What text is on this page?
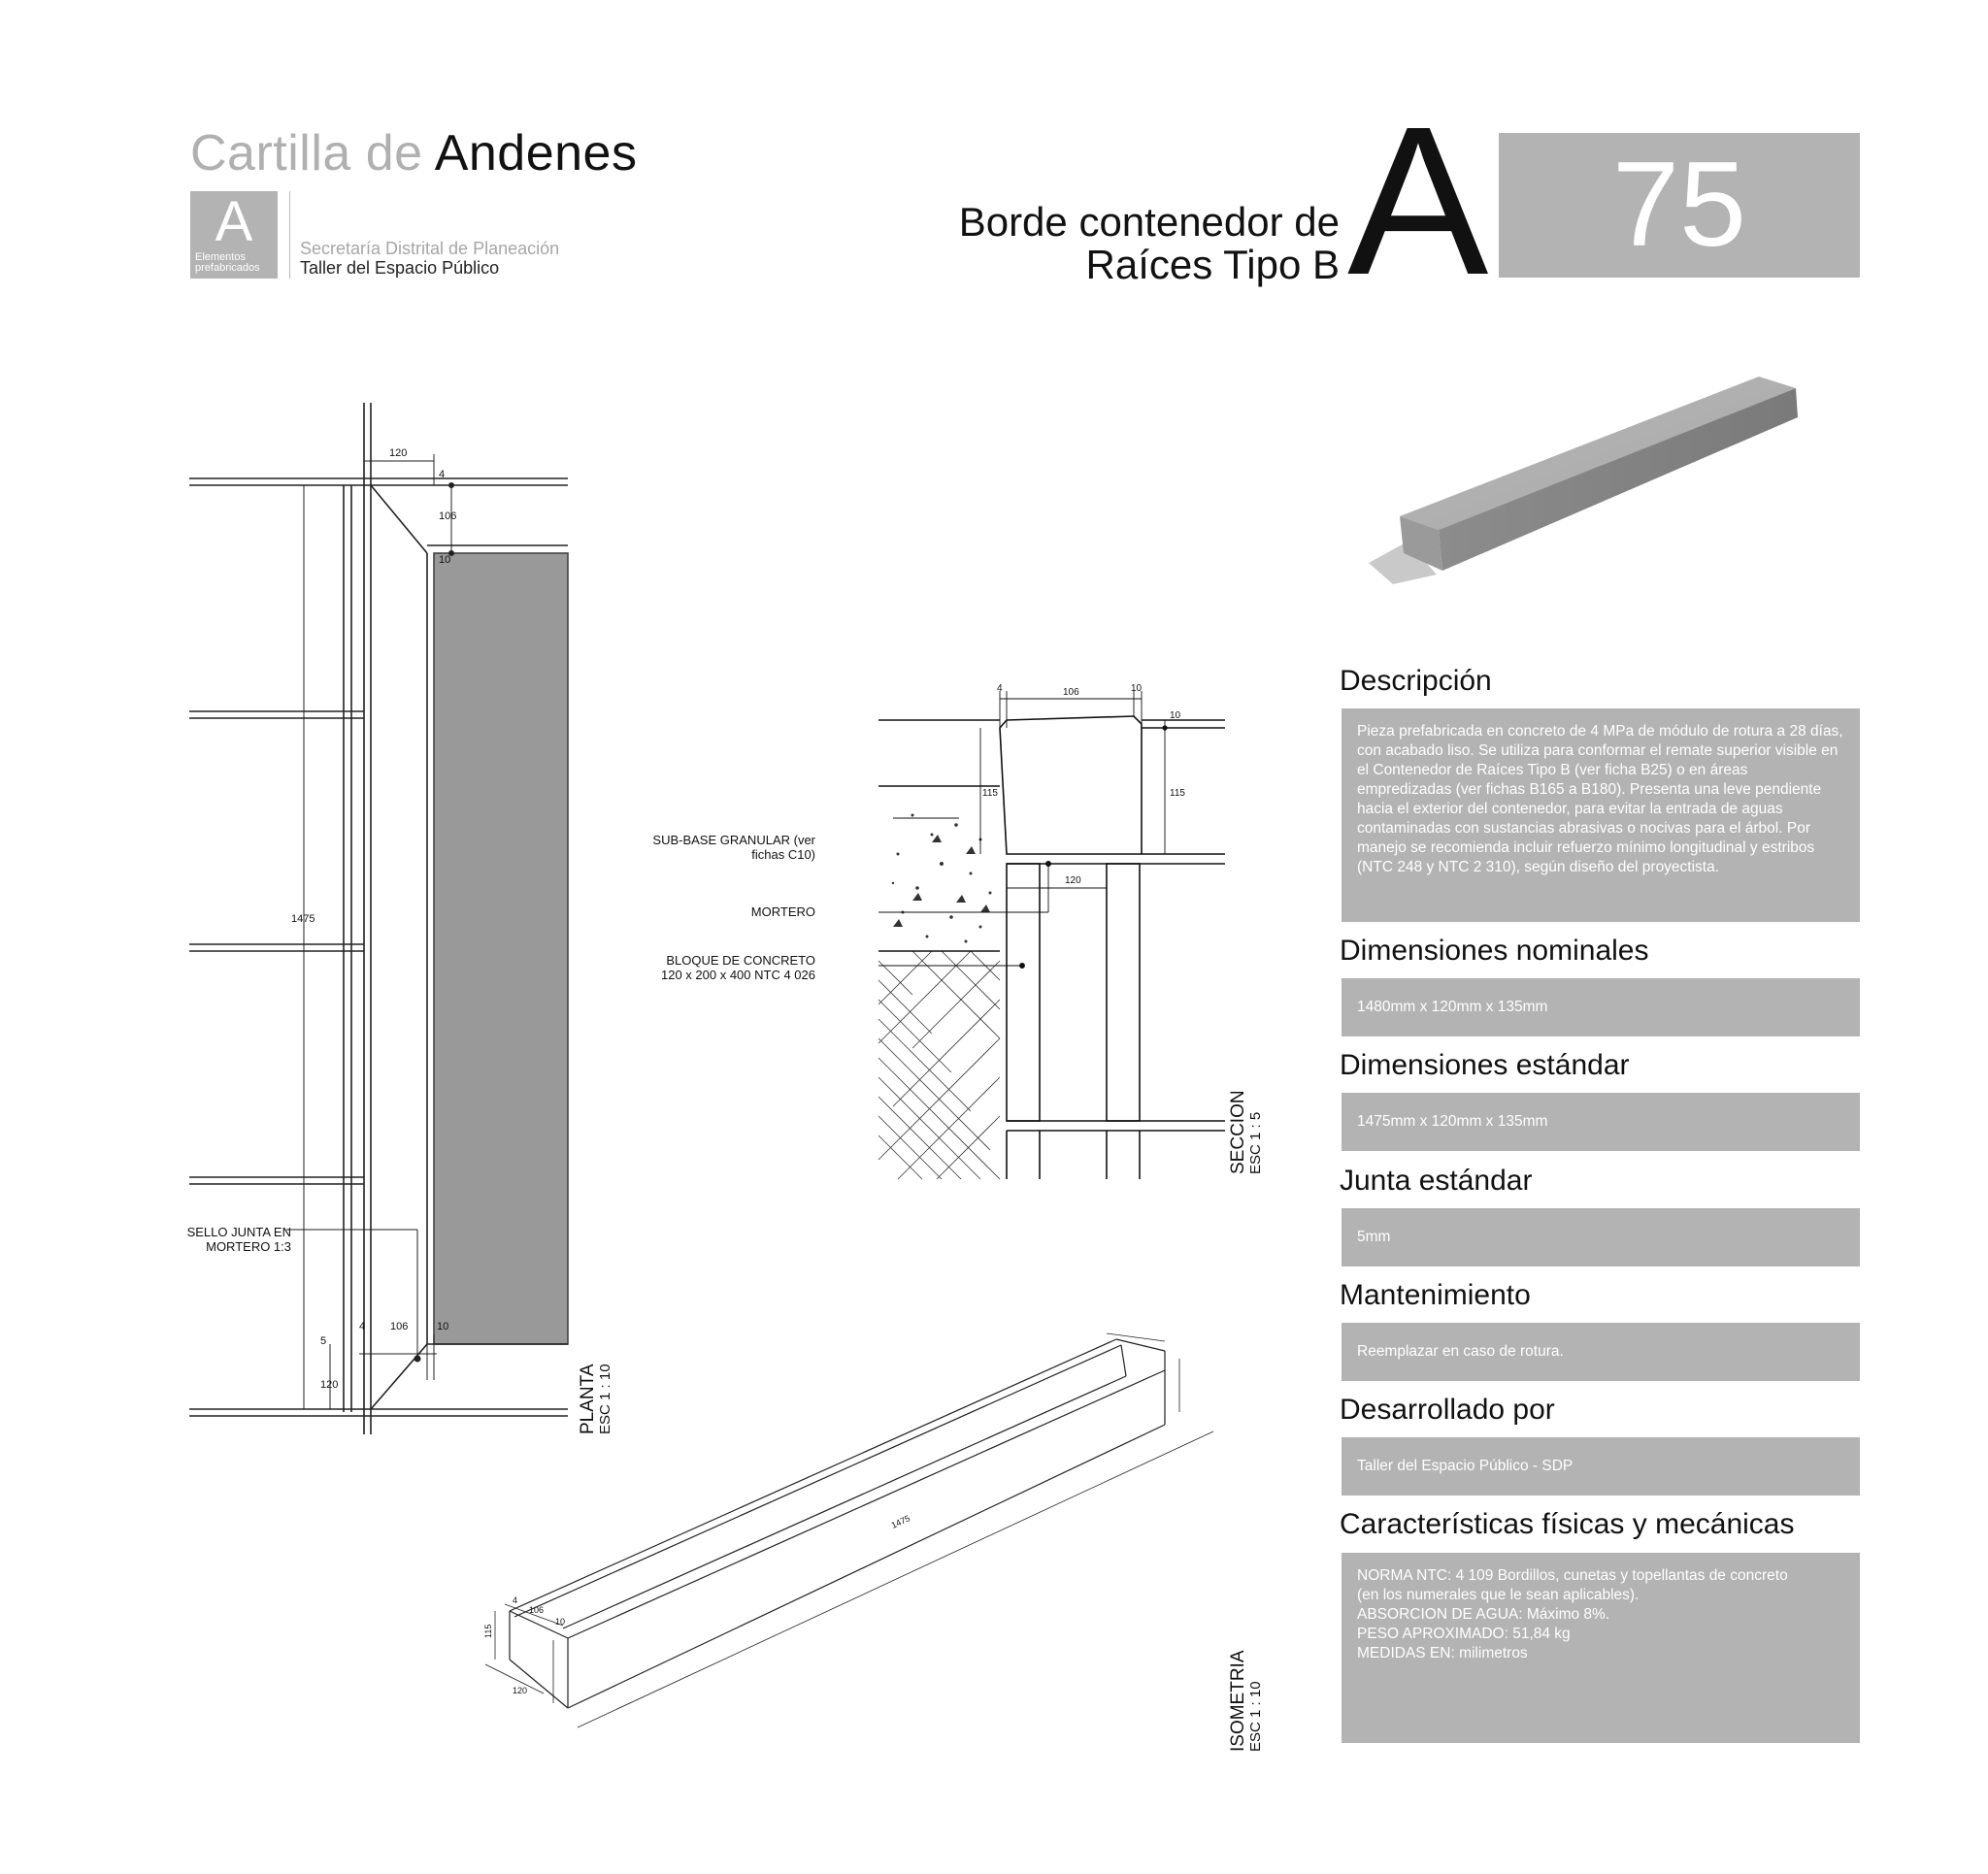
Cartilla de Andenes
A
Elementos
prefabricados
Secretaría Distrital de Planeación
Taller del Espacio Público
Borde contenedor de
Raíces Tipo B A	75
120
4
106
10
1475
4 106	10
5
120
SELLO JUNTA EN
MORTERO 1:3
PLANTA ESC 1 : 10
4	106	10
10
115
115
120
SUB-BASE GRANULAR (ver
fichas C10)
MORTERO
BLOQUE DE CONCRETO
120 x 200 x 400 NTC 4 026
SECCION ESC 1 : 5
1475
106
10
115
120
4
ISOMETRIA ESC 1 : 10
Descripción
Pieza prefabricada en concreto de 4 MPa de módulo de rotura a 28 días, con acabado liso. Se utiliza para conformar el remate superior visible en el Contenedor de Raíces Tipo B (ver ficha B25) o en áreas empredizadas (ver fichas B165 a B180). Presenta una leve pendiente hacia el exterior del contenedor, para evitar la entrada de aguas contaminadas con sustancias abrasivas o nocivas para el árbol. Por manejo se recomienda incluir refuerzo mínimo longitudinal y estribos (NTC 248 y NTC 2 310), según diseño del proyectista.
Dimensiones nominales
1480mm x 120mm x 135mm
Dimensiones estándar
1475mm x 120mm x 135mm
Junta estándar
5mm
Mantenimiento
Reemplazar en caso de rotura.
Desarrollado por
Taller del Espacio Público - SDP
Características físicas y mecánicas
NORMA NTC: 4 109 Bordillos, cunetas y topellantas de concreto
(en los numerales que le sean aplicables).
ABSORCION DE AGUA: Máximo 8%.
PESO APROXIMADO: 51,84 kg
MEDIDAS EN: milimetros
